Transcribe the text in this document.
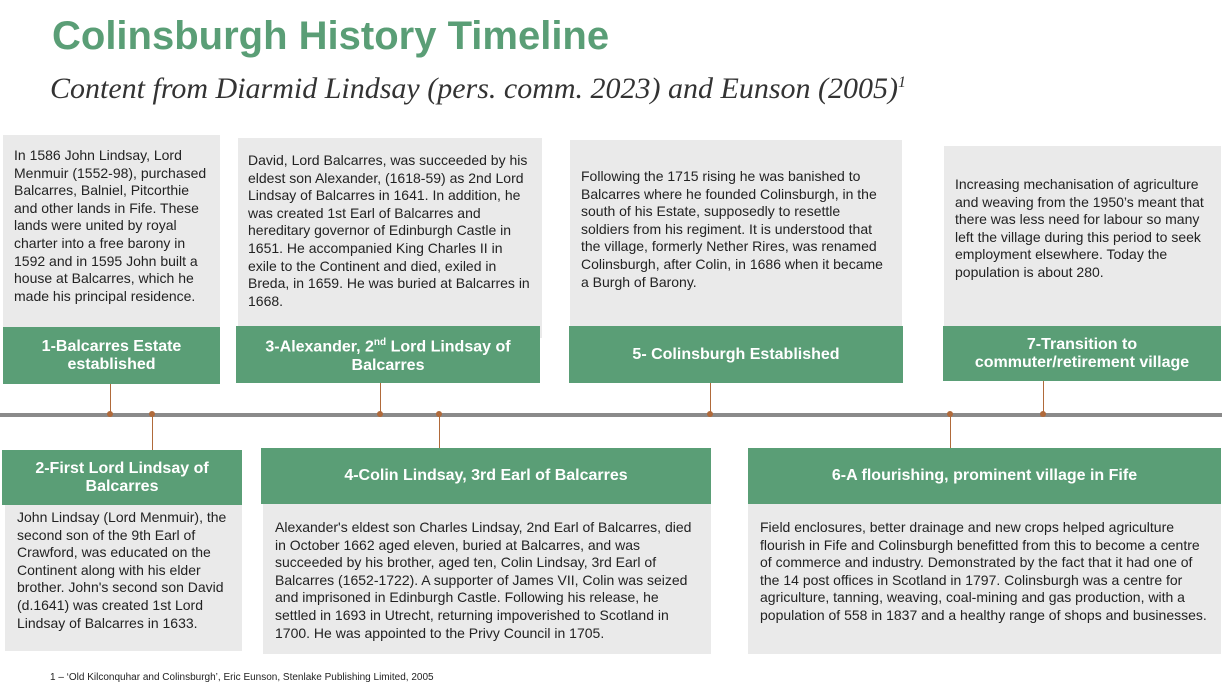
Colinsburgh History Timeline
Content from Diarmid Lindsay (pers. comm. 2023) and Eunson $(2005)^1$
In 1586 John Lindsay, Lord Menmuir (1552-98), purchased Balcarres, Balniel, Pitcorthie and other lands in Fife. These lands were united by royal charter into a free barony in 1592 and in 1595 John built a house at Balcarres, which he made his principal residence.
David, Lord Balcarres, was succeeded by his eldest son Alexander, (1618-59) as 2nd Lord Lindsay of Balcarres in 1641. In addition, he was created 1st Earl of Balcarres and hereditary governor of Edinburgh Castle in 1651. He accompanied King Charles II in exile to the Continent and died, exiled in Breda, in 1659. He was buried at Balcarres in 1668.
Following the 1715 rising he was banished to Balcarres where he founded Colinsburgh, in the south of his Estate, supposedly to resettle soldiers from his regiment. It is understood that the village, formerly Nether Rires, was renamed Colinsburgh, after Colin, in 1686 when it became a Burgh of Barony.
Increasing mechanisation of agriculture and weaving from the 1950’s meant that there was less need for labour so many left the village during this period to seek employment elsewhere. Today the population is about 280.
1-Balcarres Estate established
3-Alexander, 2nd Lord Lindsay of Balcarres
5- Colinsburgh Established
7-Transition to commuter/retirement village
2-First Lord Lindsay of Balcarres
4-Colin Lindsay, 3rd Earl of Balcarres	6-A flourishing, prominent village in Fife
John Lindsay (Lord Menmuir), the second son of the 9th Earl of Crawford, was educated on the Continent along with his elder brother. John's second son David (d.1641) was created 1st Lord Lindsay of Balcarres in 1633.
Alexander's eldest son Charles Lindsay, 2nd Earl of Balcarres, died in October 1662 aged eleven, buried at Balcarres, and was succeeded by his brother, aged ten, Colin Lindsay, 3rd Earl of Balcarres (1652-1722). A supporter of James VII, Colin was seized and imprisoned in Edinburgh Castle. Following his release, he settled in 1693 in Utrecht, returning impoverished to Scotland in 1700. He was appointed to the Privy Council in 1705.
Field enclosures, better drainage and new crops helped agriculture flourish in Fife and Colinsburgh benefitted from this to become a centre of commerce and industry. Demonstrated by the fact that it had one of the 14 post offices in Scotland in 1797. Colinsburgh was a centre for agriculture, tanning, weaving, coal-mining and gas production, with a population of 558 in 1837 and a healthy range of shops and businesses.
1 – ‘Old Kilconquhar and Colinsburgh’, Eric Eunson, Stenlake Publishing Limited, 2005
